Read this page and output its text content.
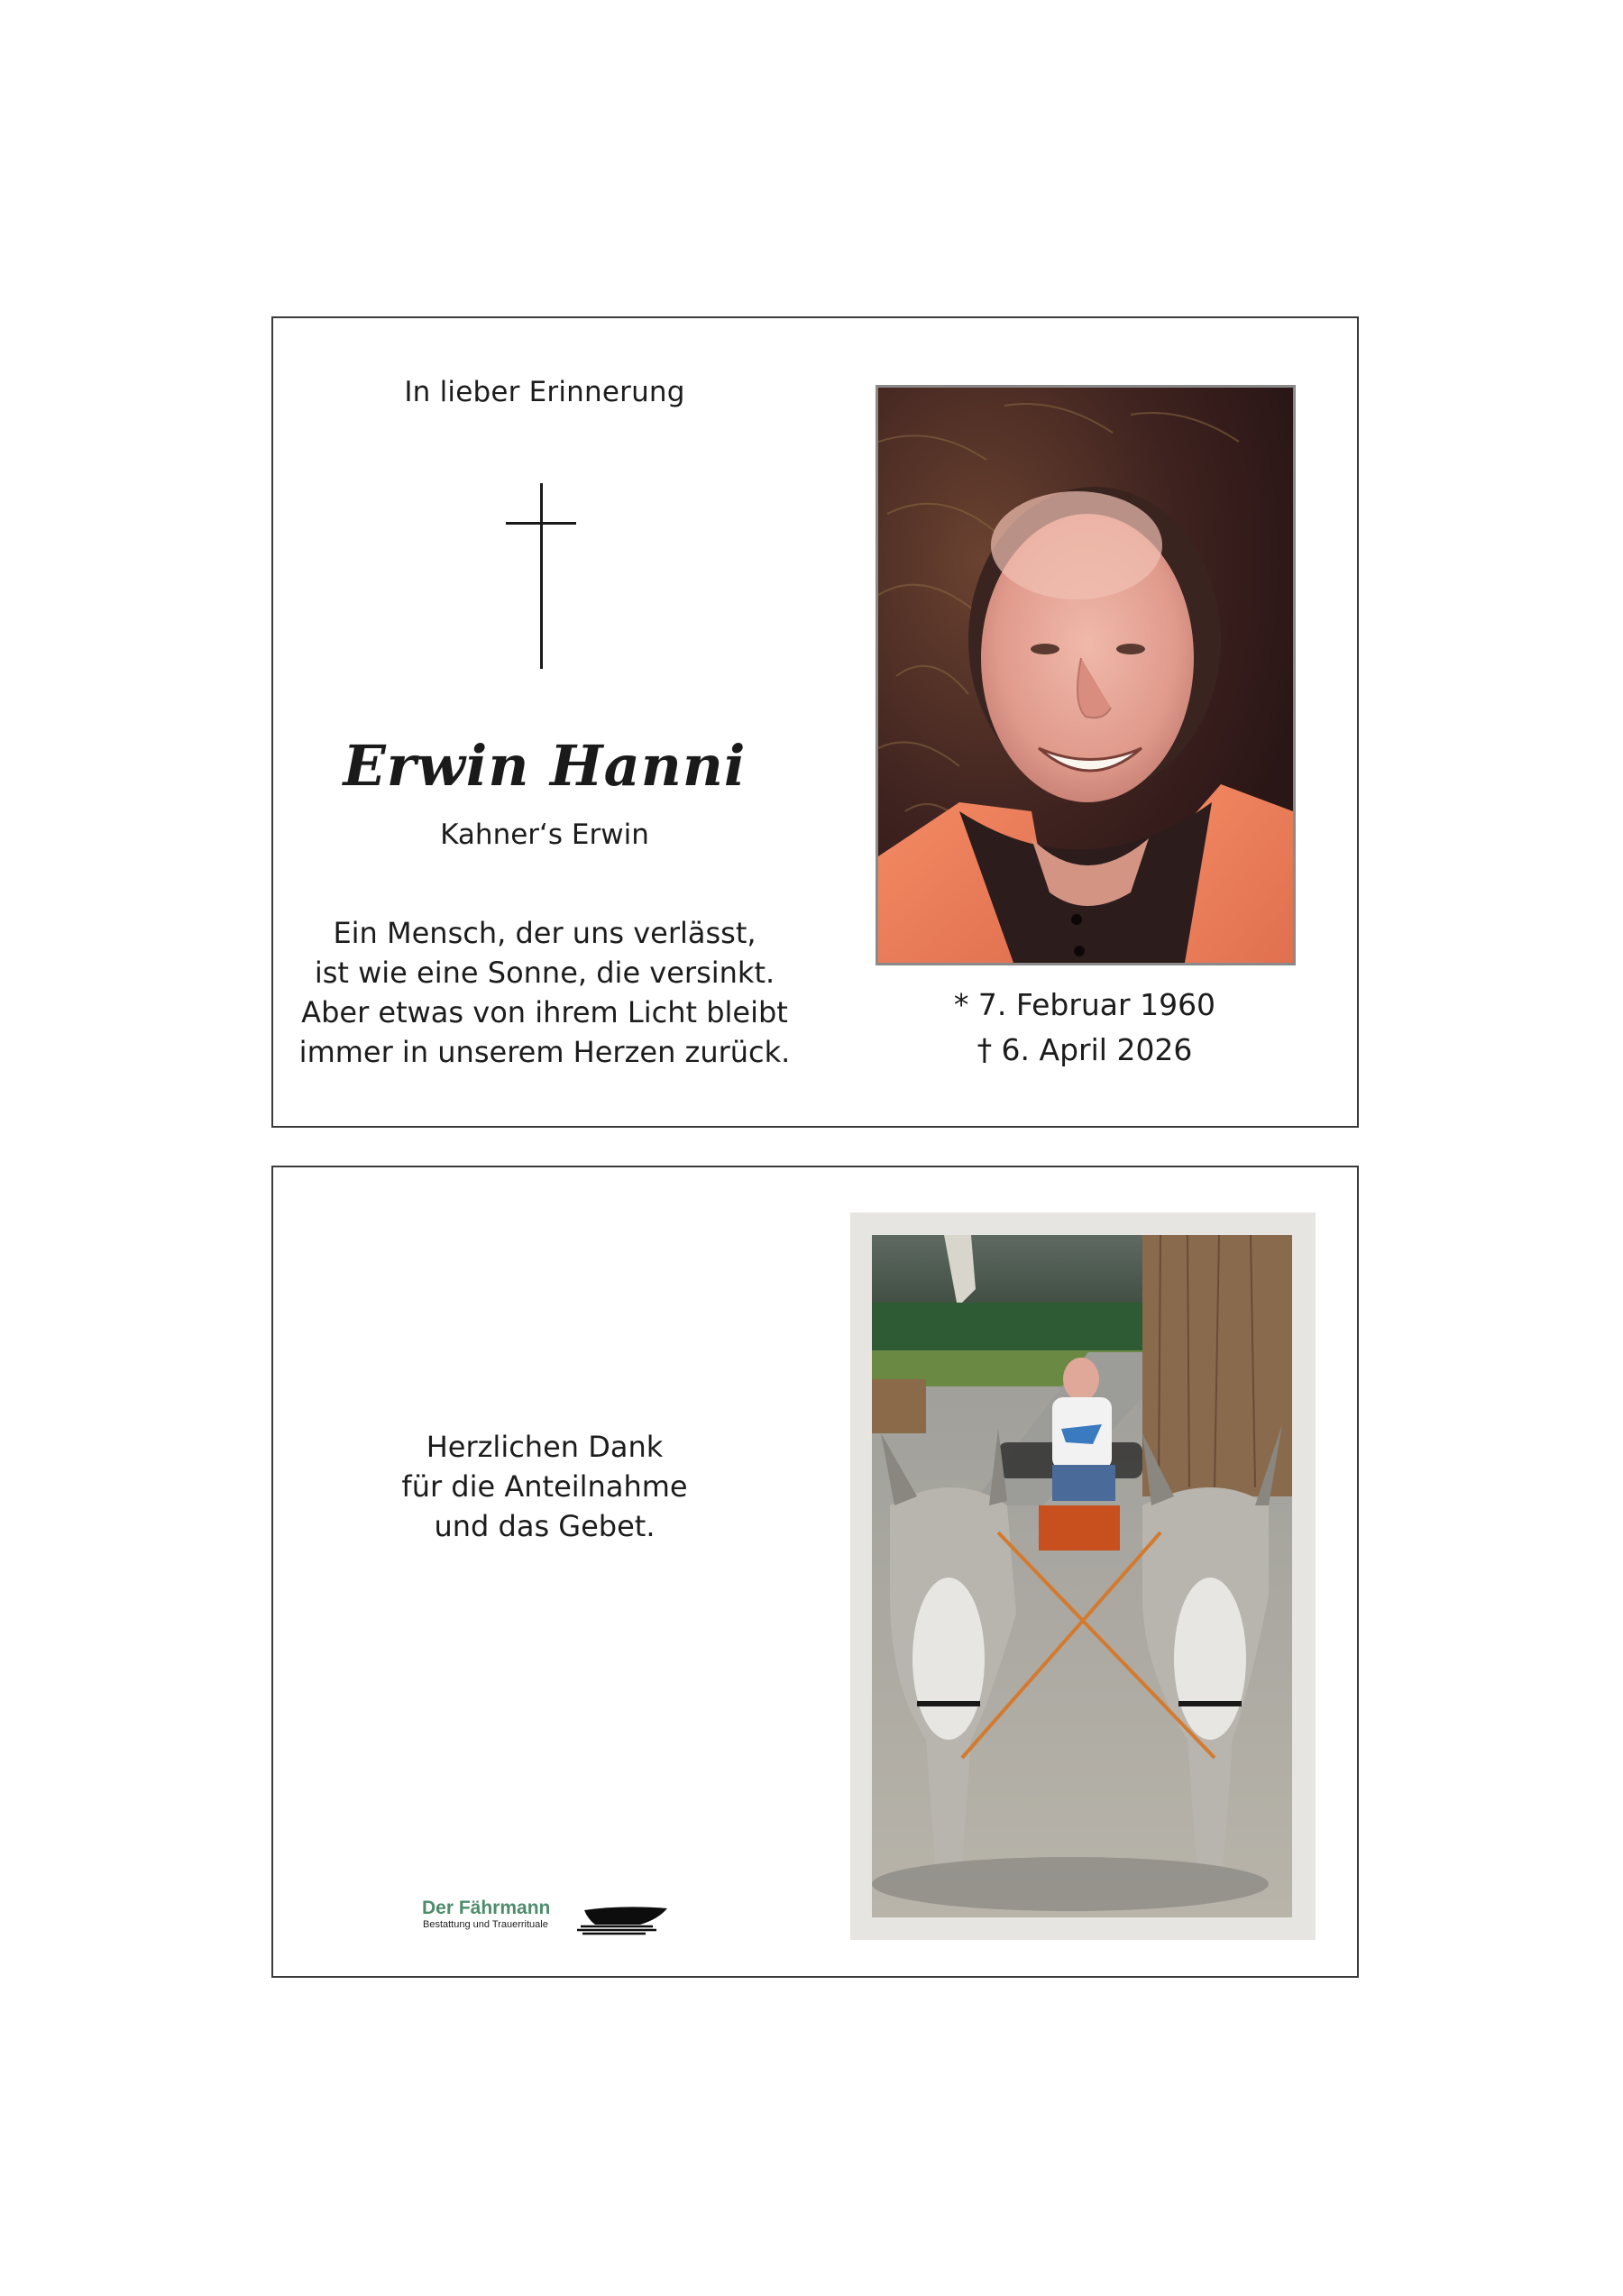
In lieber Erinnerung
Erwin Hanni
Kahner‘s Erwin
Ein Mensch, der uns verlässt,
ist wie eine Sonne, die versinkt.
Aber etwas von ihrem Licht bleibt
immer in unserem Herzen zurück.
* 7. Februar 1960
† 6. April 2026
Herzlichen Dank
für die Anteilnahme
und das Gebet.
Der Fährmann
Bestattung und Trauerrituale
